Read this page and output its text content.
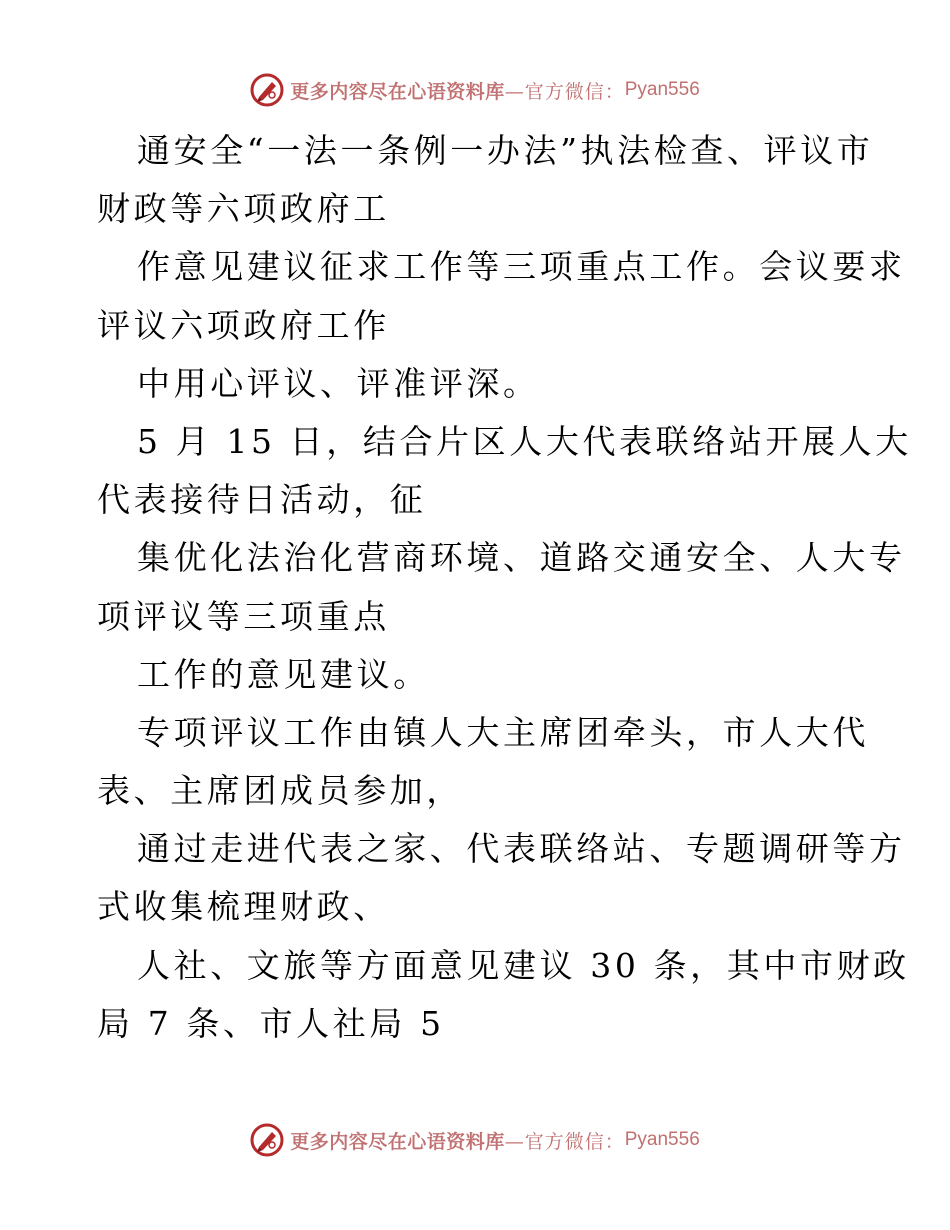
更多内容尽在心语资料库 —官方微信： Pyan556
通安全“一法一条例一办法”执法检查、评议市
财政等六项政府工
作意见建议征求工作等三项重点工作。会议要求
评议六项政府工作
中用心评议、评准评深。
5 月 15 日，结合片区人大代表联络站开展人大
代表接待日活动，征
集优化法治化营商环境、道路交通安全、人大专
项评议等三项重点
工作的意见建议。
专项评议工作由镇人大主席团牵头，市人大代
表、主席团成员参加，
通过走进代表之家、代表联络站、专题调研等方
式收集梳理财政、
人社、文旅等方面意见建议 30 条，其中市财政
局 7 条、市人社局 5
更多内容尽在心语资料库 —官方微信： Pyan556
